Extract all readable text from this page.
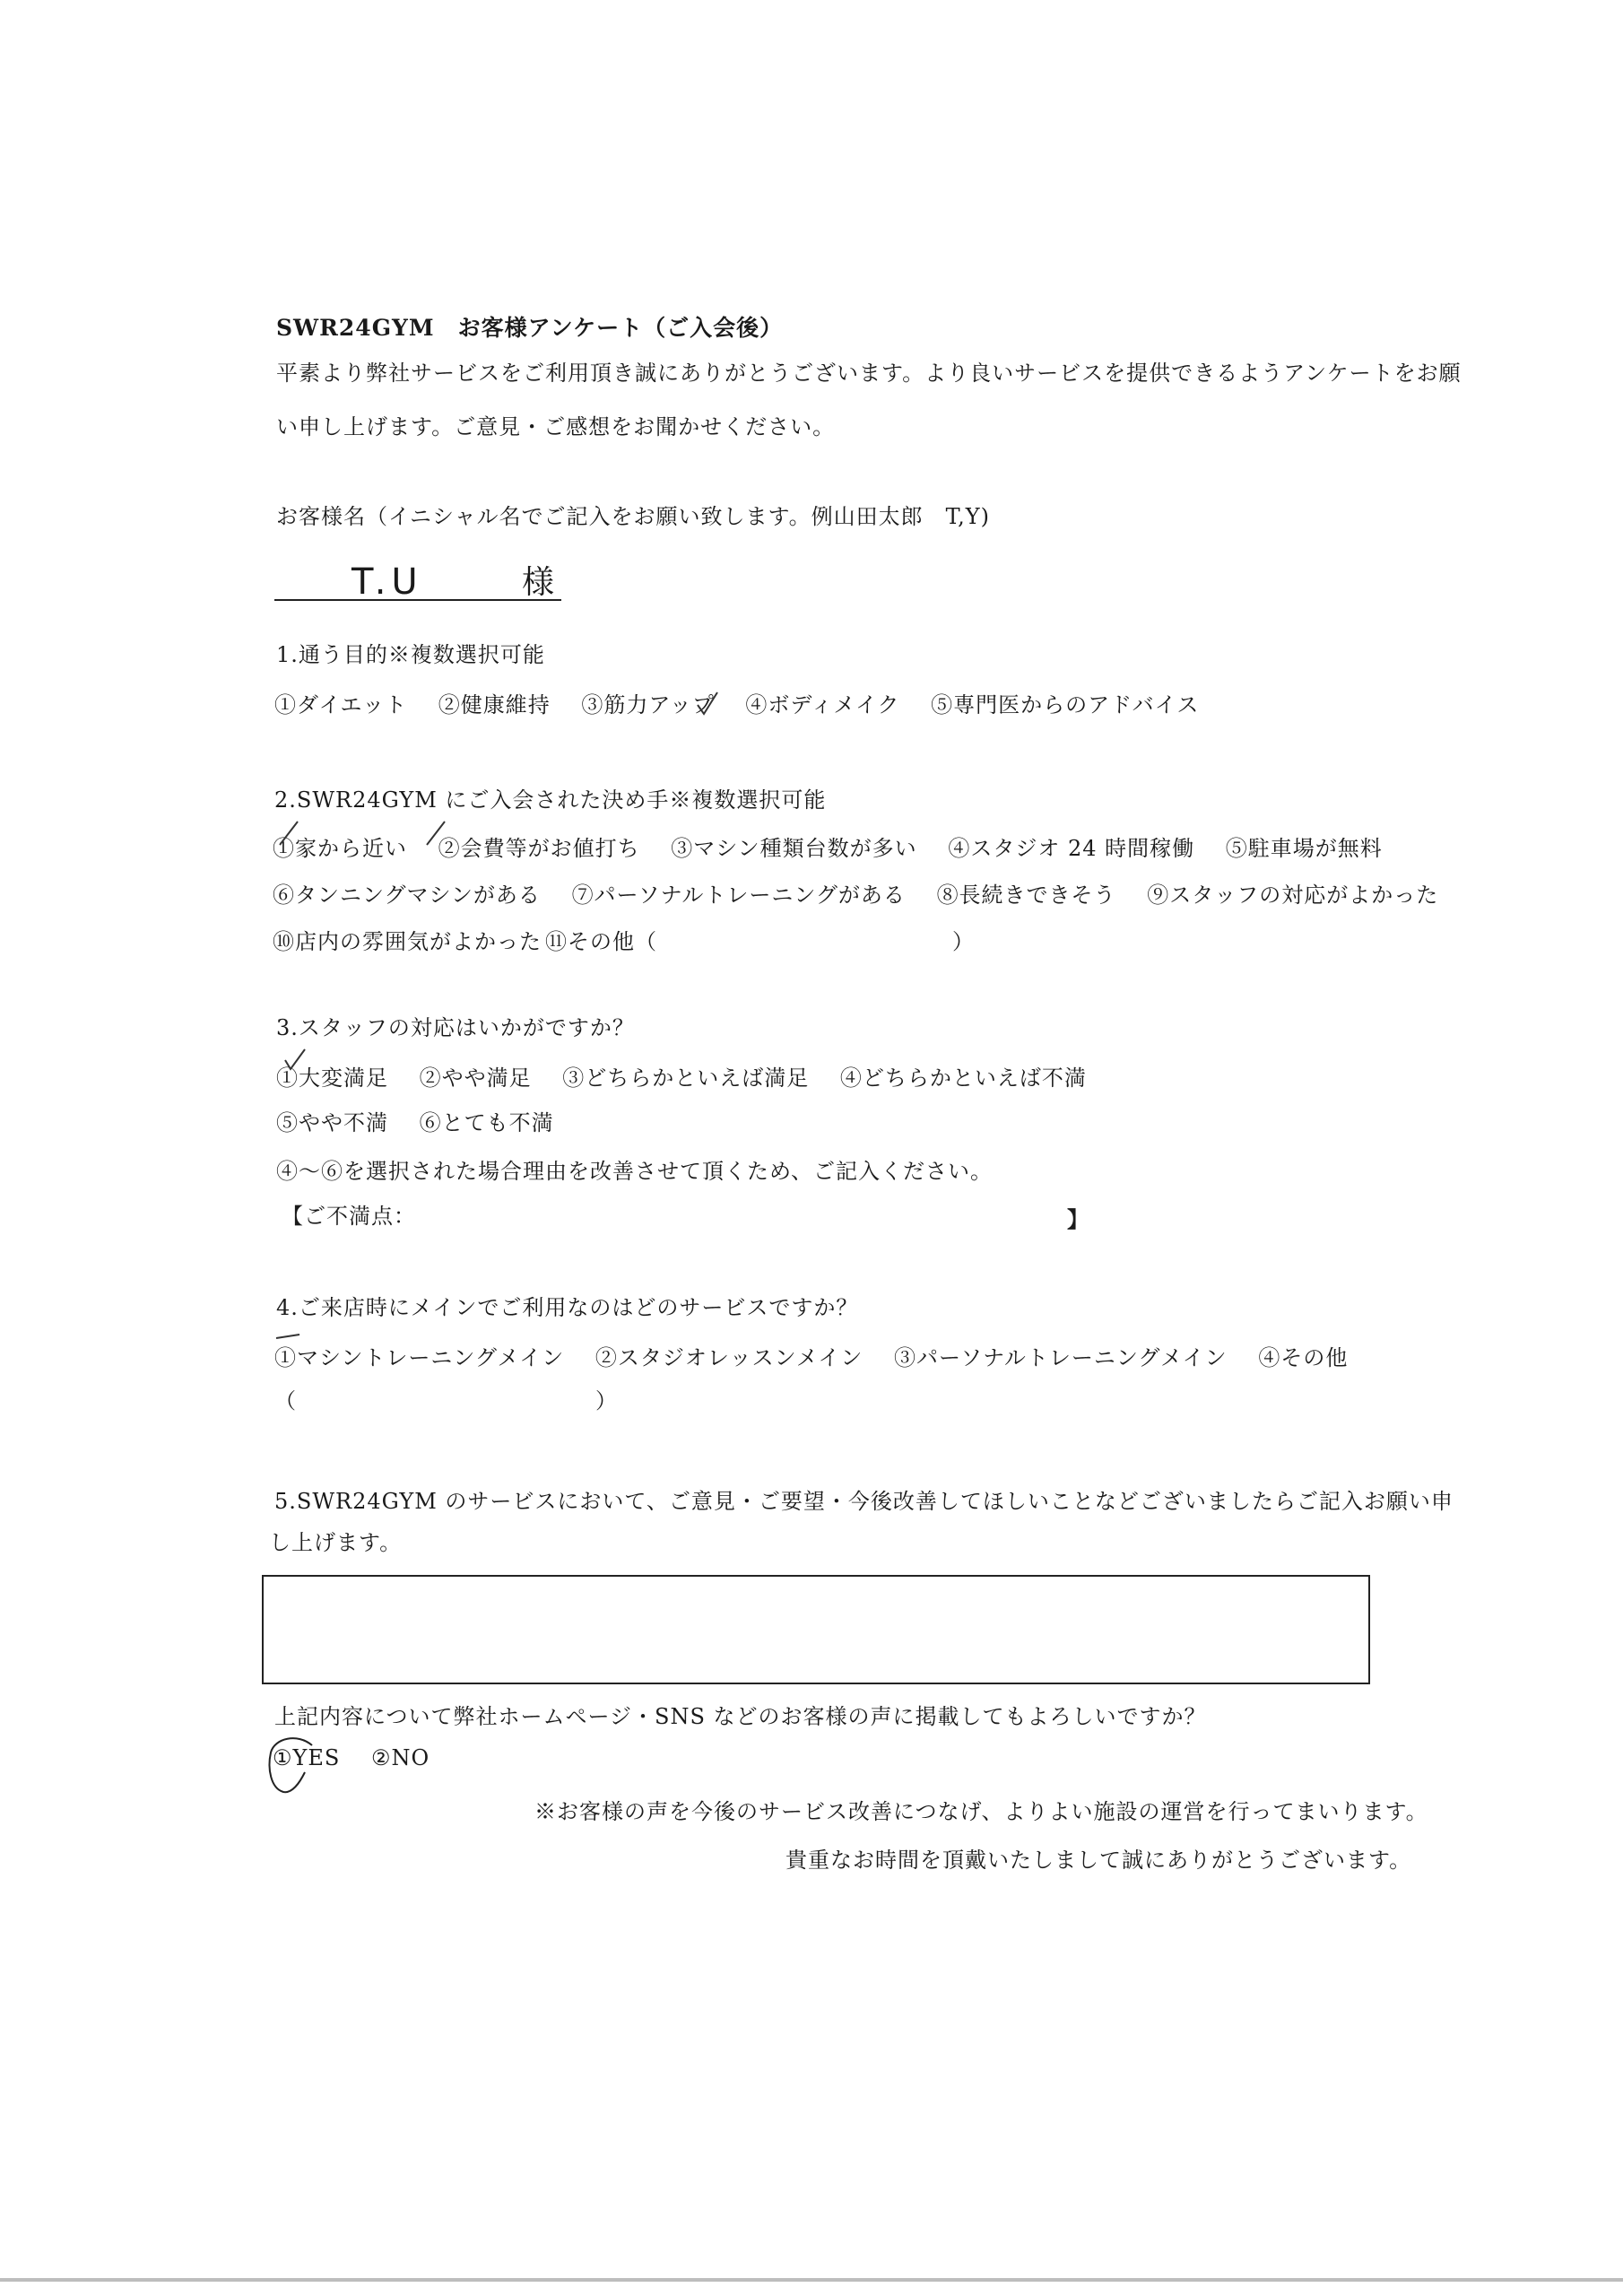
SWR24GYM　お客様アンケート（ご入会後）
平素より弊社サービスをご利用頂き誠にありがとうございます。より良いサービスを提供できるようアンケートをお願
い申し上げます。ご意見・ご感想をお聞かせください。
お客様名（イニシャル名でご記入をお願い致します。例山田太郎　T,Y)
T.U	様
1.通う目的※複数選択可能
①ダイエット ②健康維持 ③筋力アップ ④ボディメイク ⑤専門医からのアドバイス
2.SWR24GYM にご入会された決め手※複数選択可能
①家から近い ②会費等がお値打ち ③マシン種類台数が多い ④スタジオ 24 時間稼働 ⑤駐車場が無料
⑥タンニングマシンがある ⑦パーソナルトレーニングがある ⑧長続きできそう ⑨スタッフの対応がよかった
⑩店内の雰囲気がよかった ⑪その他（	）
3.スタッフの対応はいかがですか？
①大変満足 ②やや満足 ③どちらかといえば満足 ④どちらかといえば不満
⑤やや不満 ⑥とても不満
④～⑥を選択された場合理由を改善させて頂くため、ご記入ください。
【ご不満点：	】
4.ご来店時にメインでご利用なのはどのサービスですか？
①マシントレーニングメイン ②スタジオレッスンメイン ③パーソナルトレーニングメイン ④その他
（	）
5.SWR24GYM のサービスにおいて、ご意見・ご要望・今後改善してほしいことなどございましたらご記入お願い申
し上げます。
上記内容について弊社ホームページ・SNS などのお客様の声に掲載してもよろしいですか？
①YES ②NO
※お客様の声を今後のサービス改善につなげ、よりよい施設の運営を行ってまいります。
貴重なお時間を頂戴いたしまして誠にありがとうございます。
